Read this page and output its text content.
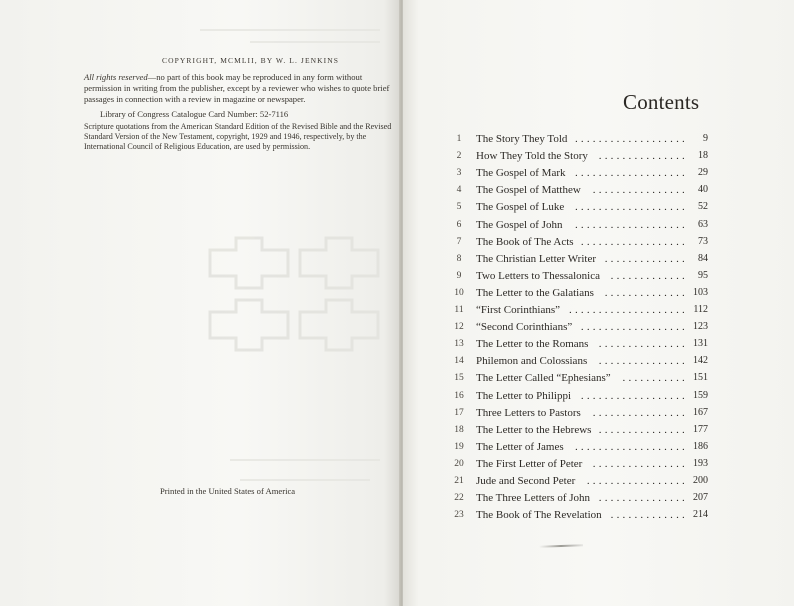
COPYRIGHT, MCMLII, BY W. L. JENKINS
All rights reserved—no part of this book may be reproduced in any form without permission in writing from the publisher, except by a reviewer who wishes to quote brief passages in connection with a review in magazine or newspaper.
Library of Congress Catalogue Card Number: 52-7116
Scripture quotations from the American Standard Edition of the Revised Bible and the Revised Standard Version of the New Testament, copyright, 1929 and 1946, respectively, by the International Council of Religious Education, are used by permission.
Printed in the United States of America
Contents
1	The Story They Told ...................	9
2	How They Told the Story ...............	18
3	The Gospel of Mark ...................	29
4	The Gospel of Matthew ................	40
5	The Gospel of Luke ...................	52
6	The Gospel of John ...................	63
7	The Book of The Acts ..................	73
8	The Christian Letter Writer ..............	84
9	Two Letters to Thessalonica .............	95
10	The Letter to the Galatians .............. 103
11	“First Corinthians” .................... 112
12	“Second Corinthians” .................. 123
13	The Letter to the Romans ............... 131
14	Philemon and Colossians ............... 142
15	The Letter Called “Ephesians” ........... 151
16	The Letter to Philippi .................. 159
17	Three Letters to Pastors ................ 167
18	The Letter to the Hebrews ............... 177
19	The Letter of James ................... 186
20	The First Letter of Peter ................ 193
21	Jude and Second Peter ................. 200
22	The Three Letters of John ............... 207
23	The Book of The Revelation ............. 214
